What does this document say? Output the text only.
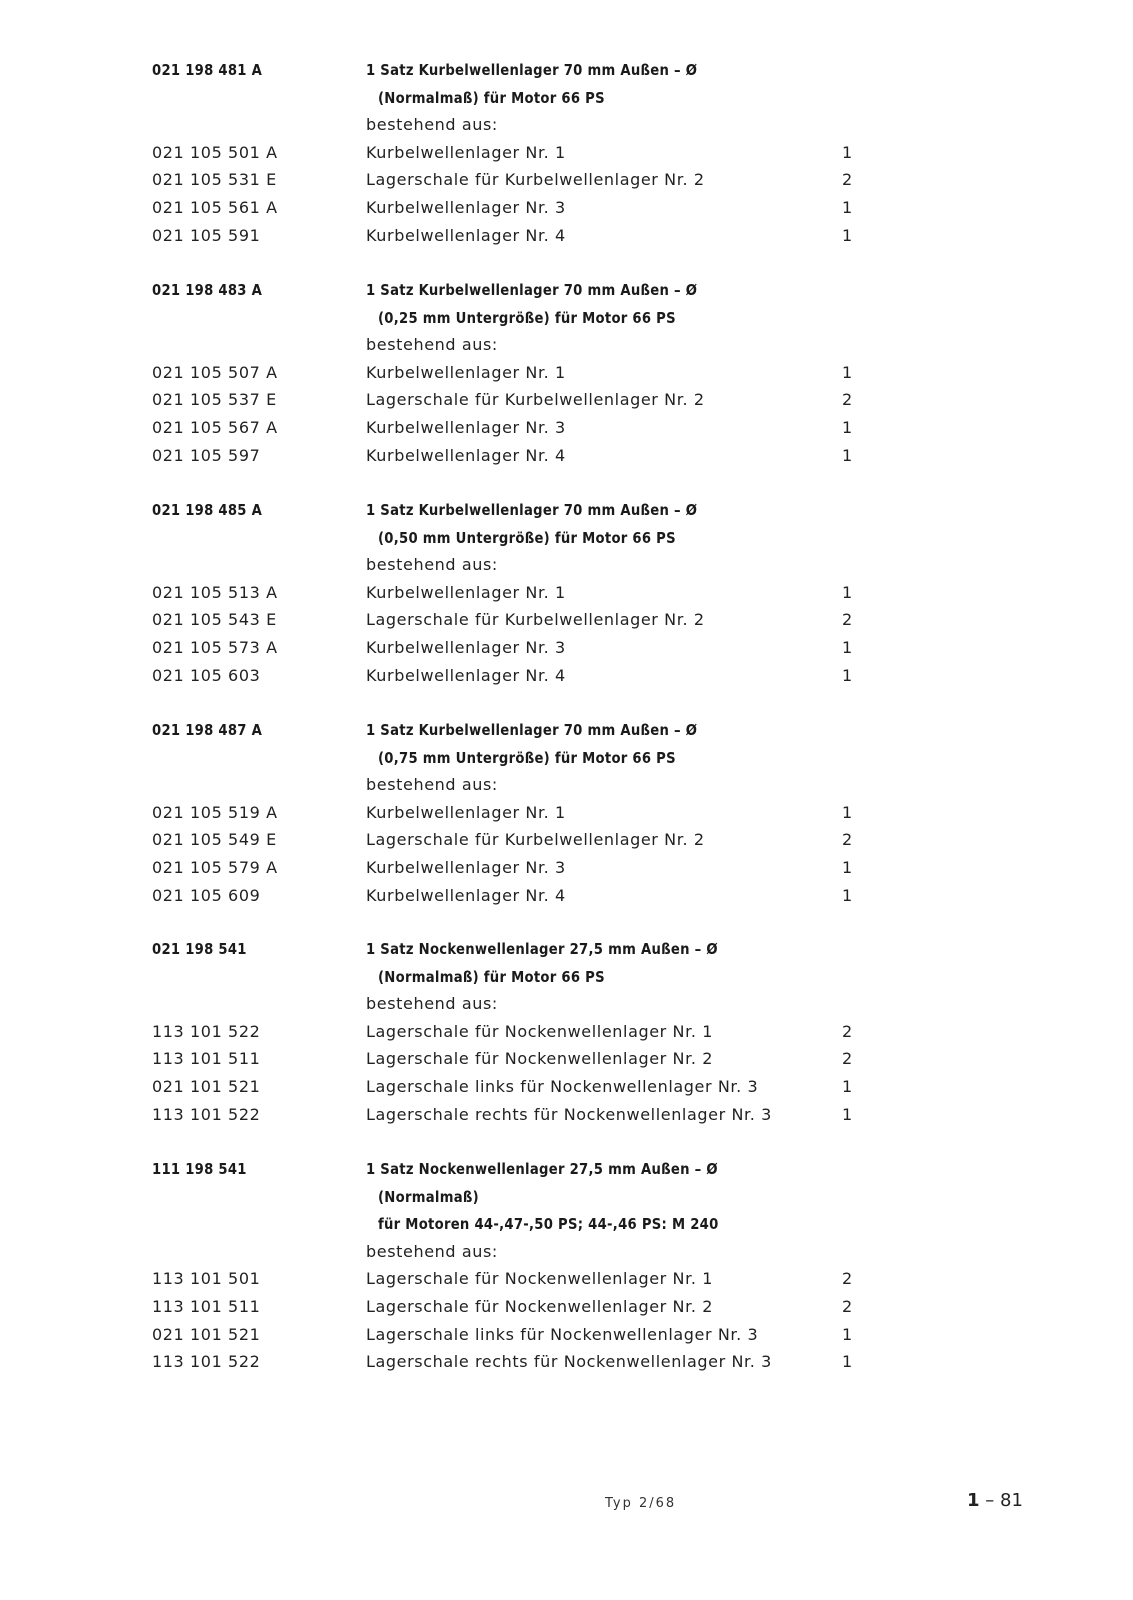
021 198 481 A	1 Satz Kurbelwellenlager 70 mm Außen – Ø
(Normalmaß) für Motor 66 PS
bestehend aus:
021 105 501 A	Kurbelwellenlager Nr. 1	1
021 105 531 E	Lagerschale für Kurbelwellenlager Nr. 2	2
021 105 561 A	Kurbelwellenlager Nr. 3	1
021 105 591	Kurbelwellenlager Nr. 4	1
021 198 483 A	1 Satz Kurbelwellenlager 70 mm Außen – Ø
(0,25 mm Untergröße) für Motor 66 PS
bestehend aus:
021 105 507 A	Kurbelwellenlager Nr. 1	1
021 105 537 E	Lagerschale für Kurbelwellenlager Nr. 2	2
021 105 567 A	Kurbelwellenlager Nr. 3	1
021 105 597	Kurbelwellenlager Nr. 4	1
021 198 485 A	1 Satz Kurbelwellenlager 70 mm Außen – Ø
(0,50 mm Untergröße) für Motor 66 PS
bestehend aus:
021 105 513 A	Kurbelwellenlager Nr. 1	1
021 105 543 E	Lagerschale für Kurbelwellenlager Nr. 2	2
021 105 573 A	Kurbelwellenlager Nr. 3	1
021 105 603	Kurbelwellenlager Nr. 4	1
021 198 487 A	1 Satz Kurbelwellenlager 70 mm Außen – Ø
(0,75 mm Untergröße) für Motor 66 PS
bestehend aus:
021 105 519 A	Kurbelwellenlager Nr. 1	1
021 105 549 E	Lagerschale für Kurbelwellenlager Nr. 2	2
021 105 579 A	Kurbelwellenlager Nr. 3	1
021 105 609	Kurbelwellenlager Nr. 4	1
021 198 541	1 Satz Nockenwellenlager 27,5 mm Außen – Ø
(Normalmaß) für Motor 66 PS
bestehend aus:
113 101 522	Lagerschale für Nockenwellenlager Nr. 1	2
113 101 511	Lagerschale für Nockenwellenlager Nr. 2	2
021 101 521	Lagerschale links für Nockenwellenlager Nr. 3	1
113 101 522	Lagerschale rechts für Nockenwellenlager Nr. 3	1
111 198 541	1 Satz Nockenwellenlager 27,5 mm Außen – Ø
(Normalmaß)
für Motoren 44-,47-,50 PS; 44-,46 PS: M 240
bestehend aus:
113 101 501	Lagerschale für Nockenwellenlager Nr. 1	2
113 101 511	Lagerschale für Nockenwellenlager Nr. 2	2
021 101 521	Lagerschale links für Nockenwellenlager Nr. 3	1
113 101 522	Lagerschale rechts für Nockenwellenlager Nr. 3	1
Typ 2/68	1 – 81
